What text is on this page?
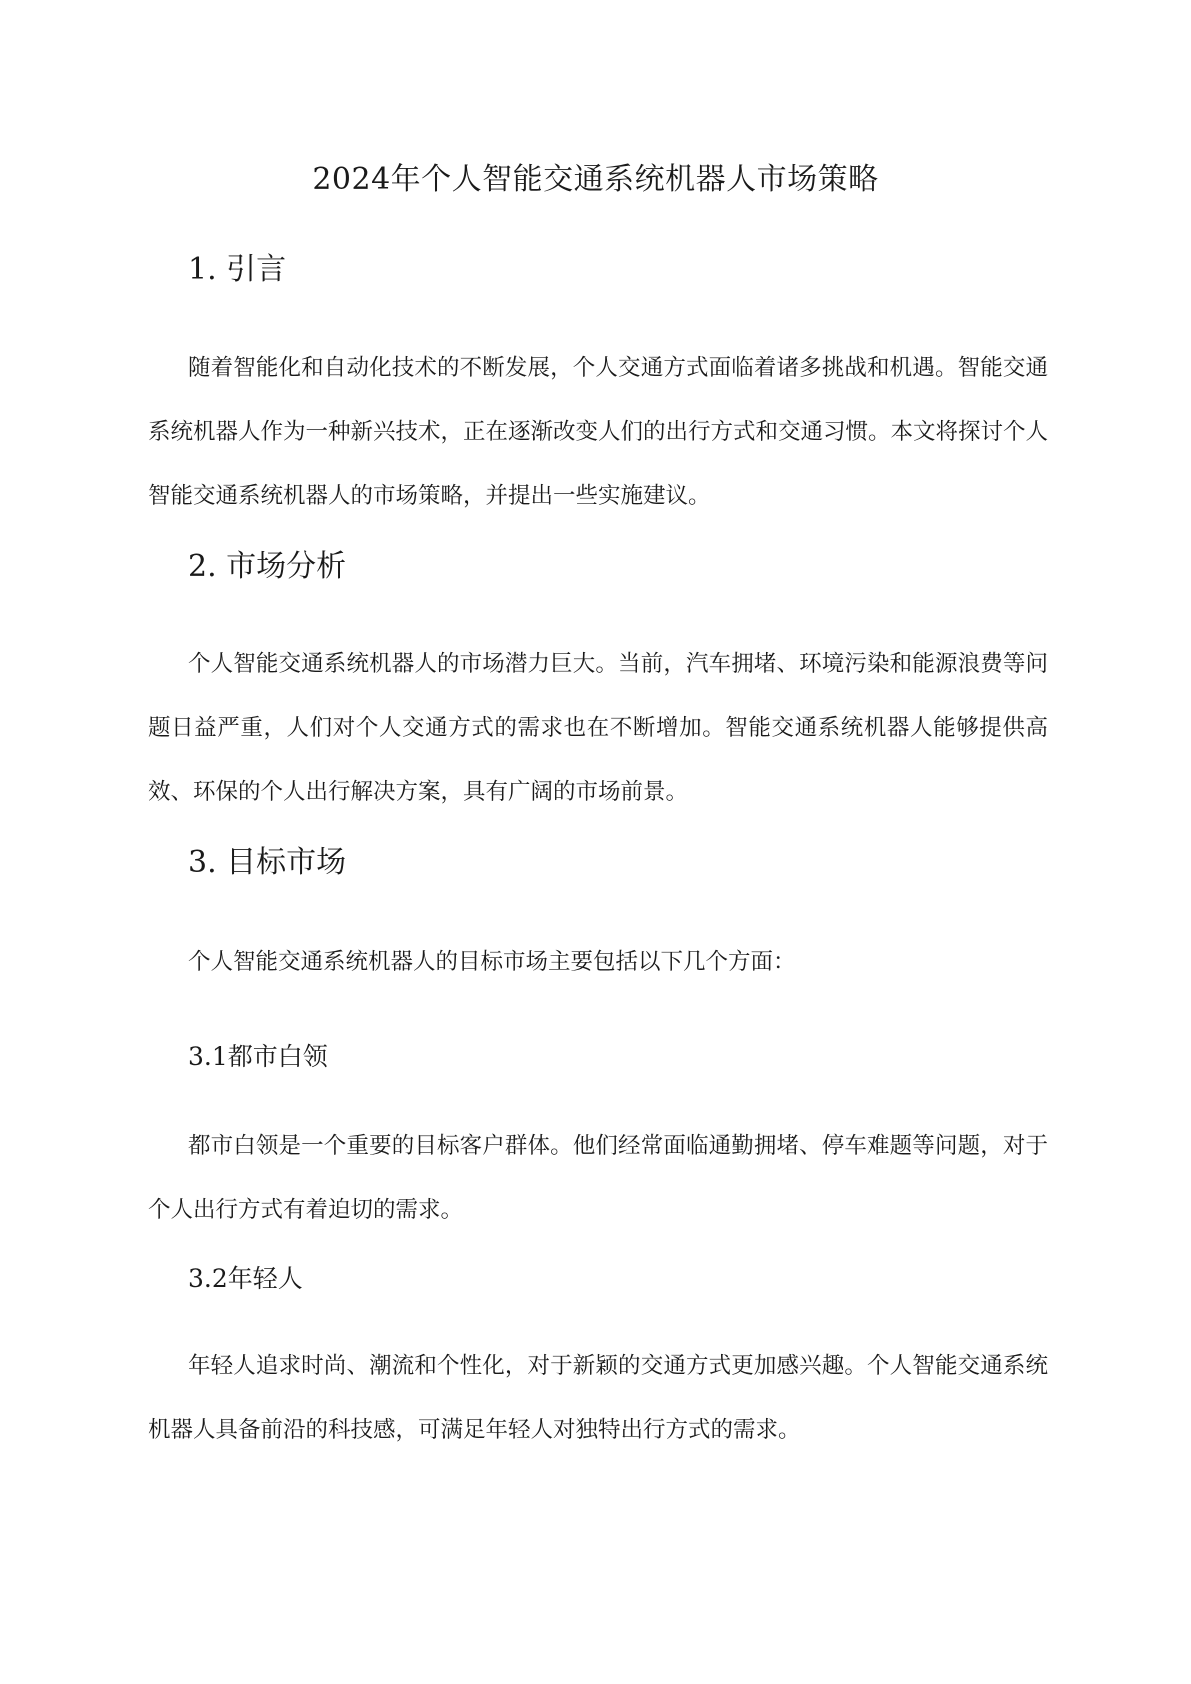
2024年个人智能交通系统机器人市场策略
1. 引言

随着智能化和自动化技术的不断发展，个人交通方式面临着诸多挑战和机遇。智能交通系统机器人作为一种新兴技术，正在逐渐改变人们的出行方式和交通习惯。本文将探讨个人智能交通系统机器人的市场策略，并提出一些实施建议。

2. 市场分析

个人智能交通系统机器人的市场潜力巨大。当前，汽车拥堵、环境污染和能源浪费等问题日益严重，人们对个人交通方式的需求也在不断增加。智能交通系统机器人能够提供高效、环保的个人出行解决方案，具有广阔的市场前景。

3. 目标市场

个人智能交通系统机器人的目标市场主要包括以下几个方面：

3.1都市白领

都市白领是一个重要的目标客户群体。他们经常面临通勤拥堵、停车难题等问题，对于个人出行方式有着迫切的需求。

3.2年轻人

年轻人追求时尚、潮流和个性化，对于新颖的交通方式更加感兴趣。个人智能交通系统机器人具备前沿的科技感，可满足年轻人对独特出行方式的需求。
